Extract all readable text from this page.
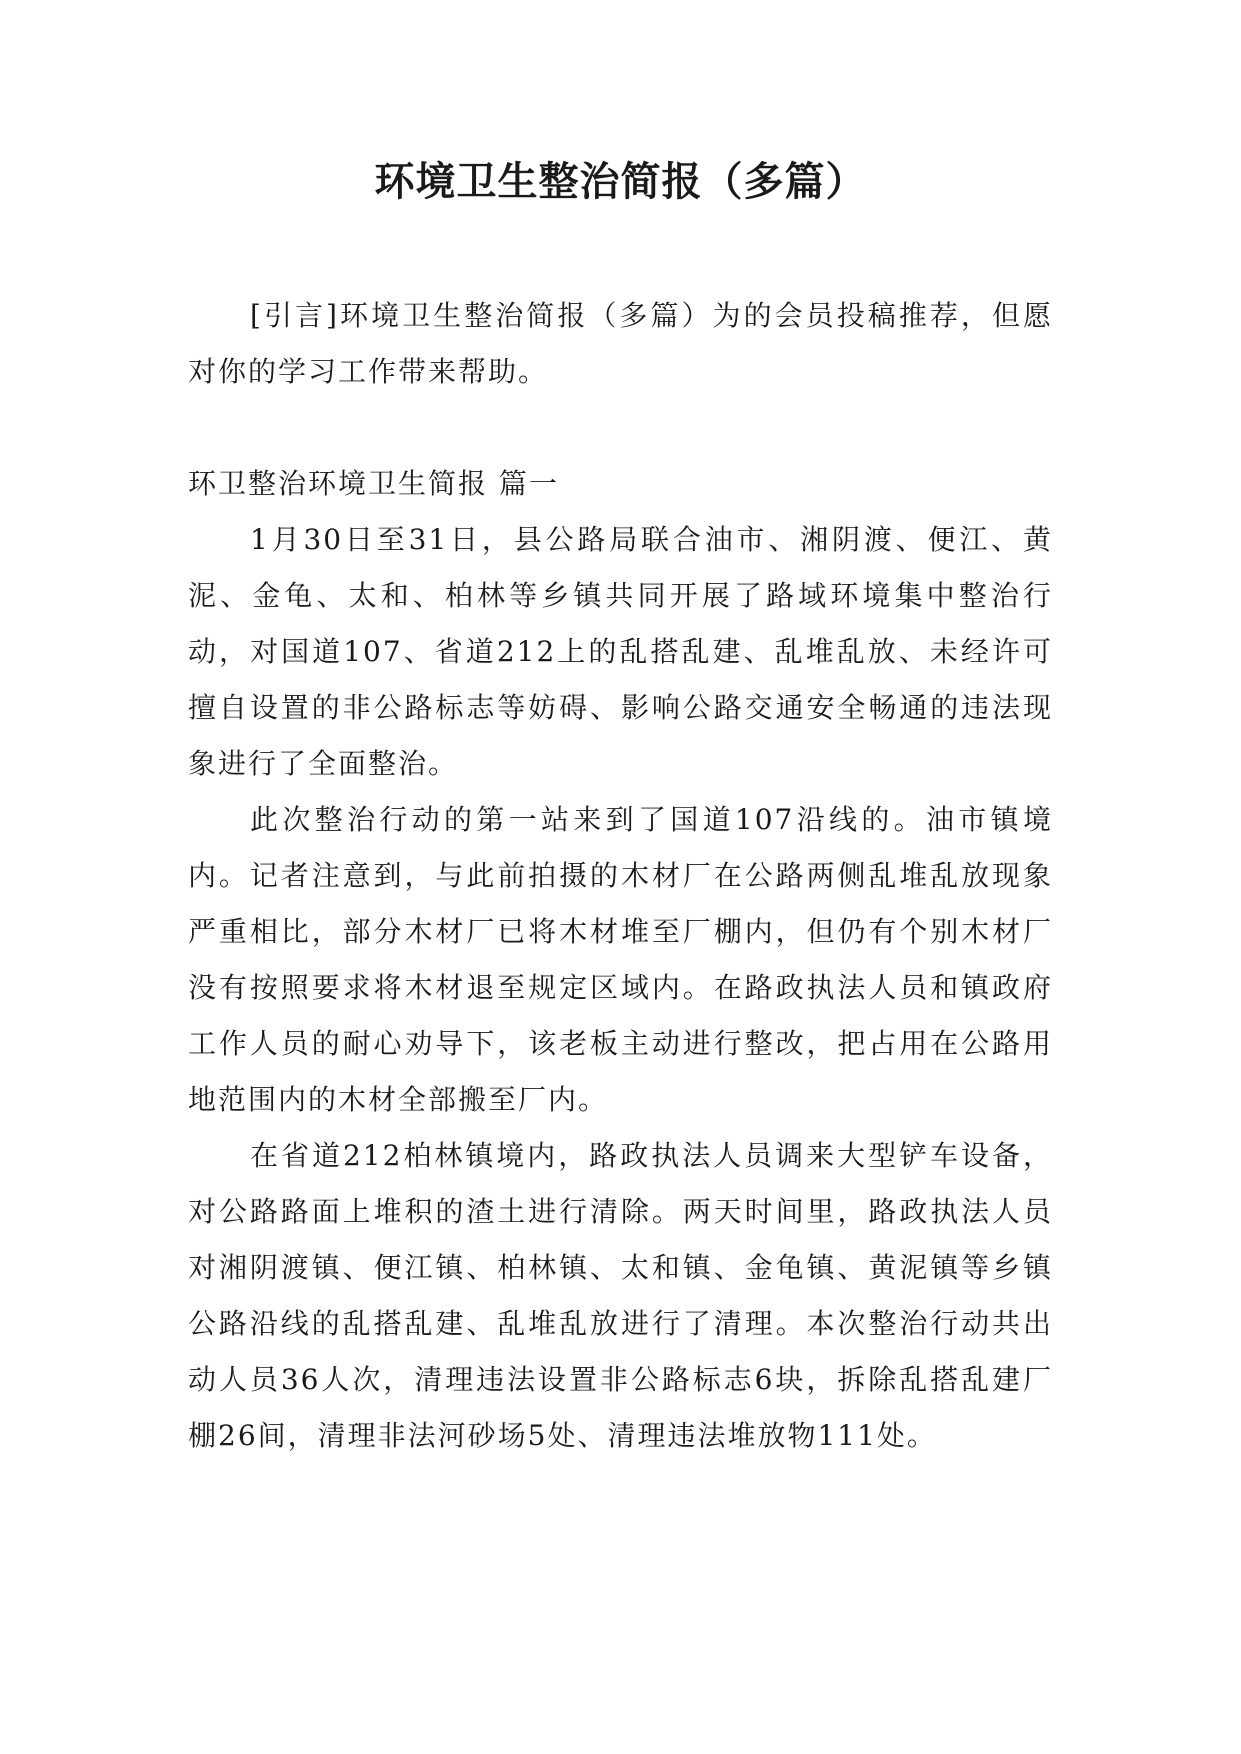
环境卫生整治简报（多篇）

[引言]环境卫生整治简报（多篇）为的会员投稿推荐，但愿对你的学习工作带来帮助。

环卫整治环境卫生简报 篇一

1月30日至31日，县公路局联合油市、湘阴渡、便江、黄泥、金龟、太和、柏林等乡镇共同开展了路域环境集中整治行动，对国道107、省道212上的乱搭乱建、乱堆乱放、未经许可擅自设置的非公路标志等妨碍、影响公路交通安全畅通的违法现象进行了全面整治。

此次整治行动的第一站来到了国道107沿线的。油市镇境内。记者注意到，与此前拍摄的木材厂在公路两侧乱堆乱放现象严重相比，部分木材厂已将木材堆至厂棚内，但仍有个别木材厂没有按照要求将木材退至规定区域内。在路政执法人员和镇政府工作人员的耐心劝导下，该老板主动进行整改，把占用在公路用地范围内的木材全部搬至厂内。

在省道212柏林镇境内，路政执法人员调来大型铲车设备，对公路路面上堆积的渣土进行清除。两天时间里，路政执法人员对湘阴渡镇、便江镇、柏林镇、太和镇、金龟镇、黄泥镇等乡镇公路沿线的乱搭乱建、乱堆乱放进行了清理。本次整治行动共出动人员36人次，清理违法设置非公路标志6块，拆除乱搭乱建厂棚26间，清理非法河砂场5处、清理违法堆放物111处。
